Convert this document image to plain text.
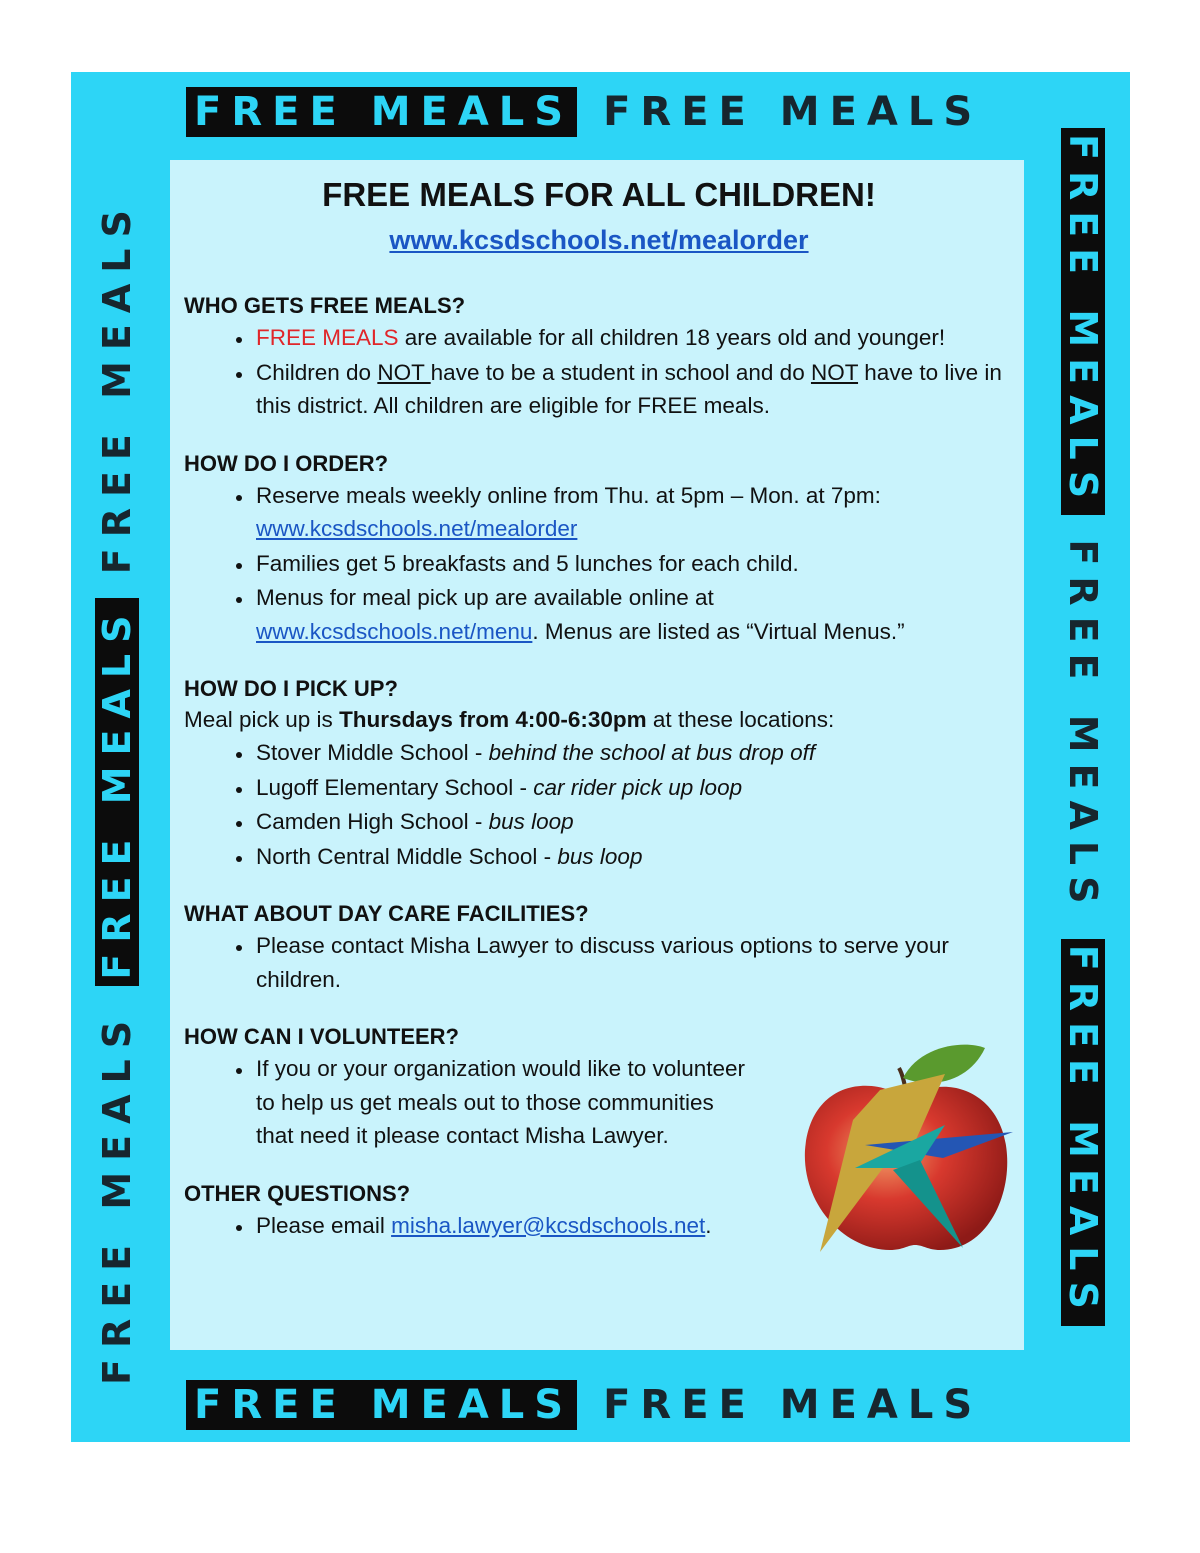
FREE MEALS FREE MEALS
FREE MEALS FREE MEALS
FREE MEALS FREE MEALS FREE MEALS	FREE MEALS FREE MEALS FREE MEALS
FREE MEALS FOR ALL CHILDREN!
www.kcsdschools.net/mealorder
WHO GETS FREE MEALS?
• FREE MEALS are available for all children 18 years old and younger!
• Children do NOT have to be a student in school and do NOT have to live in this district. All children are eligible for FREE meals.
HOW DO I ORDER?
• Reserve meals weekly online from Thu. at 5pm – Mon. at 7pm:
www.kcsdschools.net/mealorder
• Families get 5 breakfasts and 5 lunches for each child.
• Menus for meal pick up are available online at
www.kcsdschools.net/menu. Menus are listed as “Virtual Menus.”
HOW DO I PICK UP?
Meal pick up is Thursdays from 4:00-6:30pm at these locations:
• Stover Middle School - behind the school at bus drop off
• Lugoff Elementary School - car rider pick up loop
• Camden High School - bus loop
• North Central Middle School - bus loop
WHAT ABOUT DAY CARE FACILITIES?
• Please contact Misha Lawyer to discuss various options to serve your children.
HOW CAN I VOLUNTEER?
• If you or your organization would like to volunteer to help us get meals out to those communities that need it please contact Misha Lawyer.
OTHER QUESTIONS?
• Please email misha.lawyer@kcsdschools.net.
